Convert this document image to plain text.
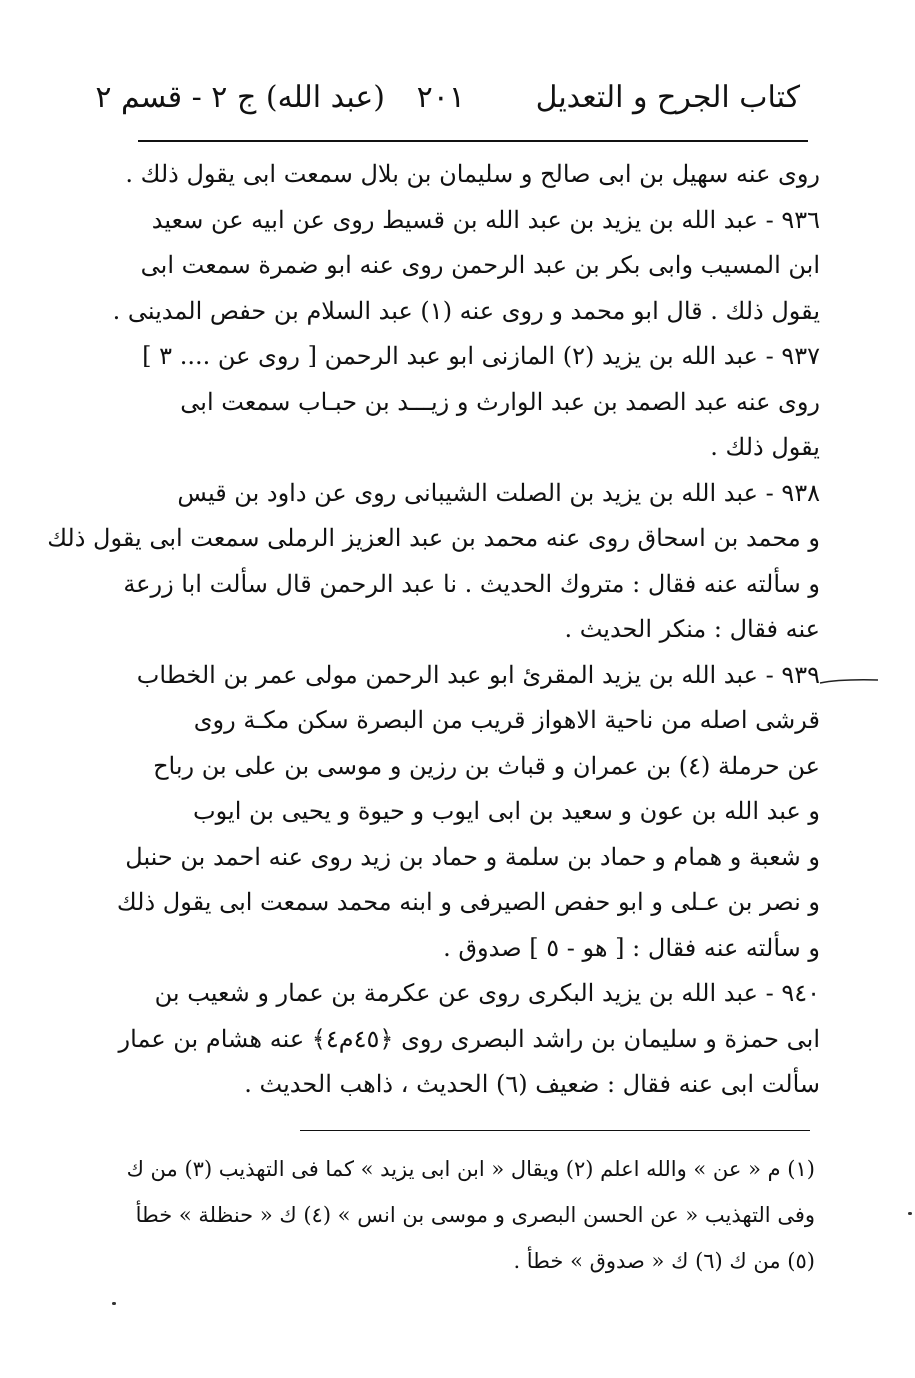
كتاب الجرح و التعديل
٢٠١
(عبد الله) ج ٢ - قسم ٢
روى عنه سهيل بن ابى صالح و سليمان بن بلال سمعت ابى يقول ذلك .
٩٣٦ - عبد الله بن يزيد بن عبد الله بن قسيط روى عن ابيه عن سعيد
ابن المسيب وابى بكر بن عبد الرحمن روى عنه ابو ضمرة سمعت ابى
يقول ذلك . قال ابو محمد و روى عنه (١) عبد السلام بن حفص المدينى .
٩٣٧ - عبد الله بن يزيد (٢) المازنى ابو عبد الرحمن [ روى عن .... ٣ ]
روى عنه عبد الصمد بن عبد الوارث و زيـــد بن حبـاب سمعت ابى
يقول ذلك .
٩٣٨ - عبد الله بن يزيد بن الصلت الشيبانى روى عن داود بن قيس
و محمد بن اسحاق روى عنه محمد بن عبد العزيز الرملى سمعت ابى يقول ذلك
و سألته عنه فقال : متروك الحديث . نا عبد الرحمن قال سألت ابا زرعة
عنه فقال : منكر الحديث .
٩٣٩ - عبد الله بن يزيد المقرئ ابو عبد الرحمن مولى عمر بن الخطاب
قرشى اصله من ناحية الاهواز قريب من البصرة سكن مكـة روى
عن حرملة (٤) بن عمران و قباث بن رزين و موسى بن على بن رباح
و عبد الله بن عون و سعيد بن ابى ايوب و حيوة و يحيى بن ايوب
و شعبة و همام و حماد بن سلمة و حماد بن زيد روى عنه احمد بن حنبل
و نصر بن عـلى و ابو حفص الصيرفى و ابنه محمد سمعت ابى يقول ذلك
و سألته عنه فقال : [ هو - ٥ ] صدوق .
٩٤٠ - عبد الله بن يزيد البكرى روى عن عكرمة بن عمار و شعيب بن
ابى حمزة و سليمان بن راشد البصرى روى ﴿٤٥م٤﴾ عنه هشام بن عمار
سألت ابى عنه فقال : ضعيف (٦) الحديث ، ذاهب الحديث .
(١) م « عن » والله اعلم (٢) ويقال « ابن ابى يزيد » كما فى التهذيب (٣) من ك
وفى التهذيب « عن الحسن البصرى و موسى بن انس » (٤) ك « حنظلة » خطأ
(٥) من ك (٦) ك « صدوق » خطأ .
